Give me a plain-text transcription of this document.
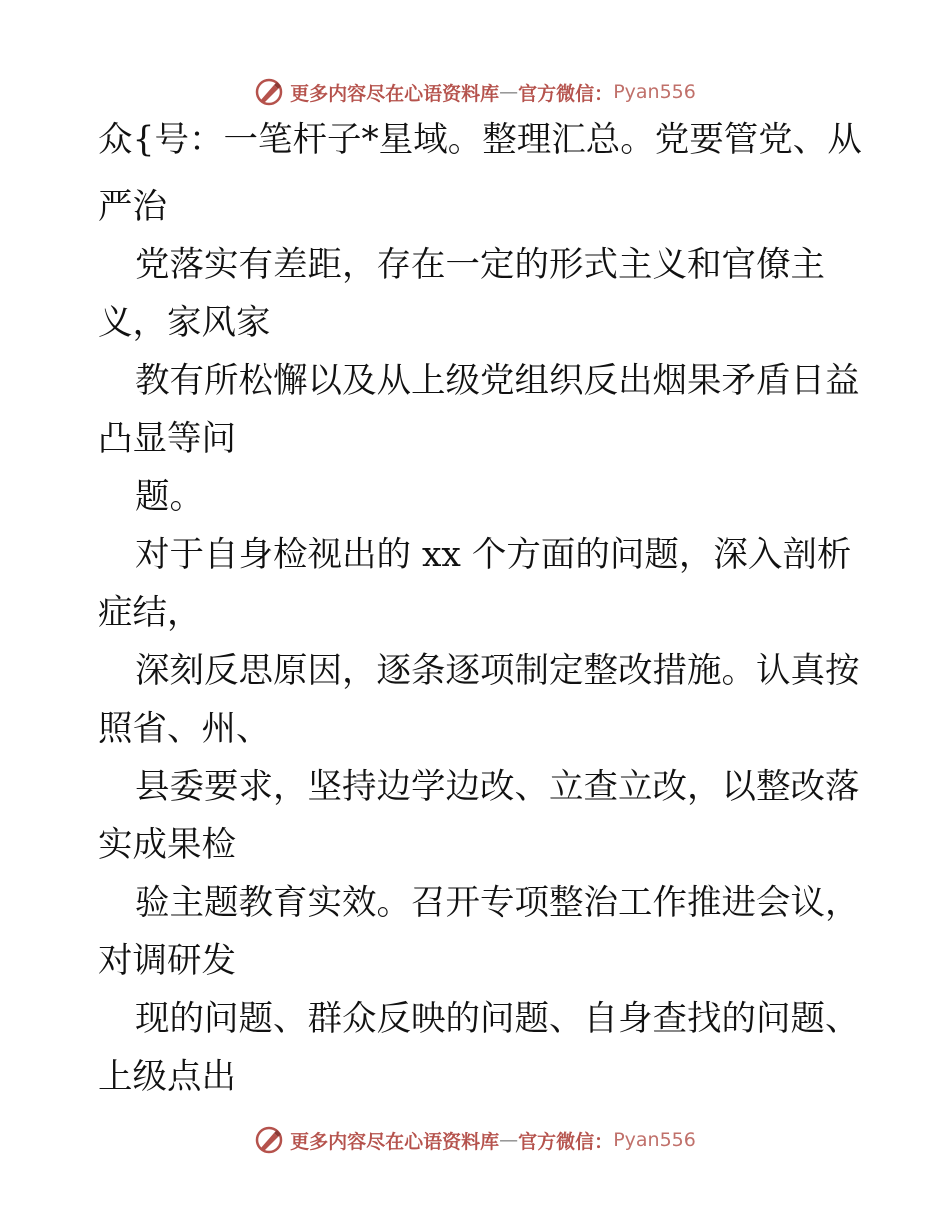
更多内容尽在心语资料库 — 官方微信： Pyan556
众{号：一笔杆子*星域。整理汇总。党要管党、从
严治
党落实有差距，存在一定的形式主义和官僚主
义，家风家
教有所松懈以及从上级党组织反出烟果矛盾日益
凸显等问
题。
对于自身检视出的 xx 个方面的问题，深入剖析
症结，
深刻反思原因，逐条逐项制定整改措施。认真按
照省、州、
县委要求，坚持边学边改、立查立改，以整改落
实成果检
验主题教育实效。召开专项整治工作推进会议，
对调研发
现的问题、群众反映的问题、自身查找的问题、
上级点出
更多内容尽在心语资料库 — 官方微信： Pyan556
